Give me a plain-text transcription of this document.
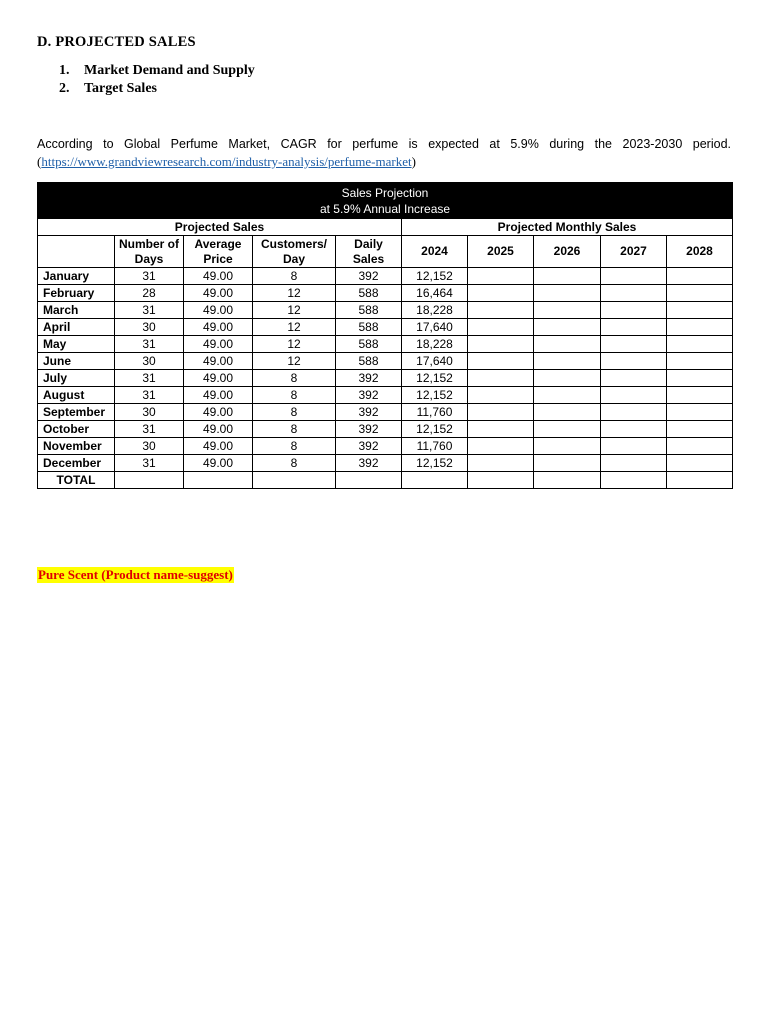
D. PROJECTED SALES
1. Market Demand and Supply
2. Target Sales
According to Global Perfume Market, CAGR for perfume is expected at 5.9% during the 2023-2030 period.
(https://www.grandviewresearch.com/industry-analysis/perfume-market)
Sales Projection
at 5.9% Annual Increase									

Projected Sales					Projected Monthly Sales				
	Number of Days	Average Price	Customers/ Day	Daily Sales	2024	2025	2026	2027	2028
January	31	49.00	8	392	12,152				
February	28	49.00	12	588	16,464				
March	31	49.00	12	588	18,228				
April	30	49.00	12	588	17,640				
May	31	49.00	12	588	18,228				
June	30	49.00	12	588	17,640				
July	31	49.00	8	392	12,152				
August	31	49.00	8	392	12,152				
September	30	49.00	8	392	11,760				
October	31	49.00	8	392	12,152				
November	30	49.00	8	392	11,760				
December	31	49.00	8	392	12,152				
TOTAL									
Pure Scent (Product name-suggest)
